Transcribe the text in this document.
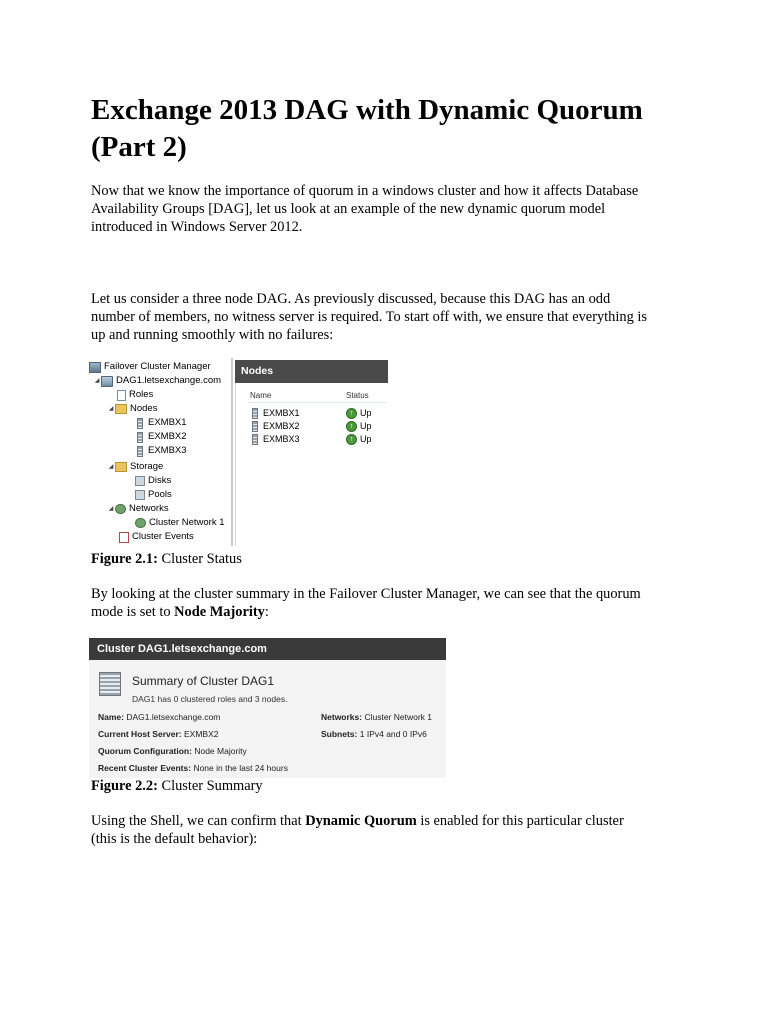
Exchange 2013 DAG with Dynamic Quorum
(Part 2)

Now that we know the importance of quorum in a windows cluster and how it affects Database
Availability Groups [DAG], let us look at an example of the new dynamic quorum model
introduced in Windows Server 2012.

Let us consider a three node DAG. As previously discussed, because this DAG has an odd
number of members, no witness server is required. To start off with, we ensure that everything is
up and running smoothly with no failures:

Figure 2.1: Cluster Status

By looking at the cluster summary in the Failover Cluster Manager, we can see that the quorum
mode is set to Node Majority:

Figure 2.2: Cluster Summary

Using the Shell, we can confirm that Dynamic Quorum is enabled for this particular cluster
(this is the default behavior):

Failover Cluster Manager
◢ DAG1.letsexchange.com
Roles
◢ Nodes
EXMBX1
EXMBX2
EXMBX3
◢ Storage
Disks
Pools
◢ Networks
Cluster Network 1
Cluster Events
Nodes
Name	Status
EXMBX1	↑ Up
EXMBX2	↑ Up
EXMBX3	↑ Up
Cluster DAG1.letsexchange.com
Summary of Cluster DAG1
DAG1 has 0 clustered roles and 3 nodes.
Name: DAG1.letsexchange.com
Current Host Server: EXMBX2
Quorum Configuration: Node Majority
Recent Cluster Events: None in the last 24 hours
Networks: Cluster Network 1
Subnets: 1 IPv4 and 0 IPv6
